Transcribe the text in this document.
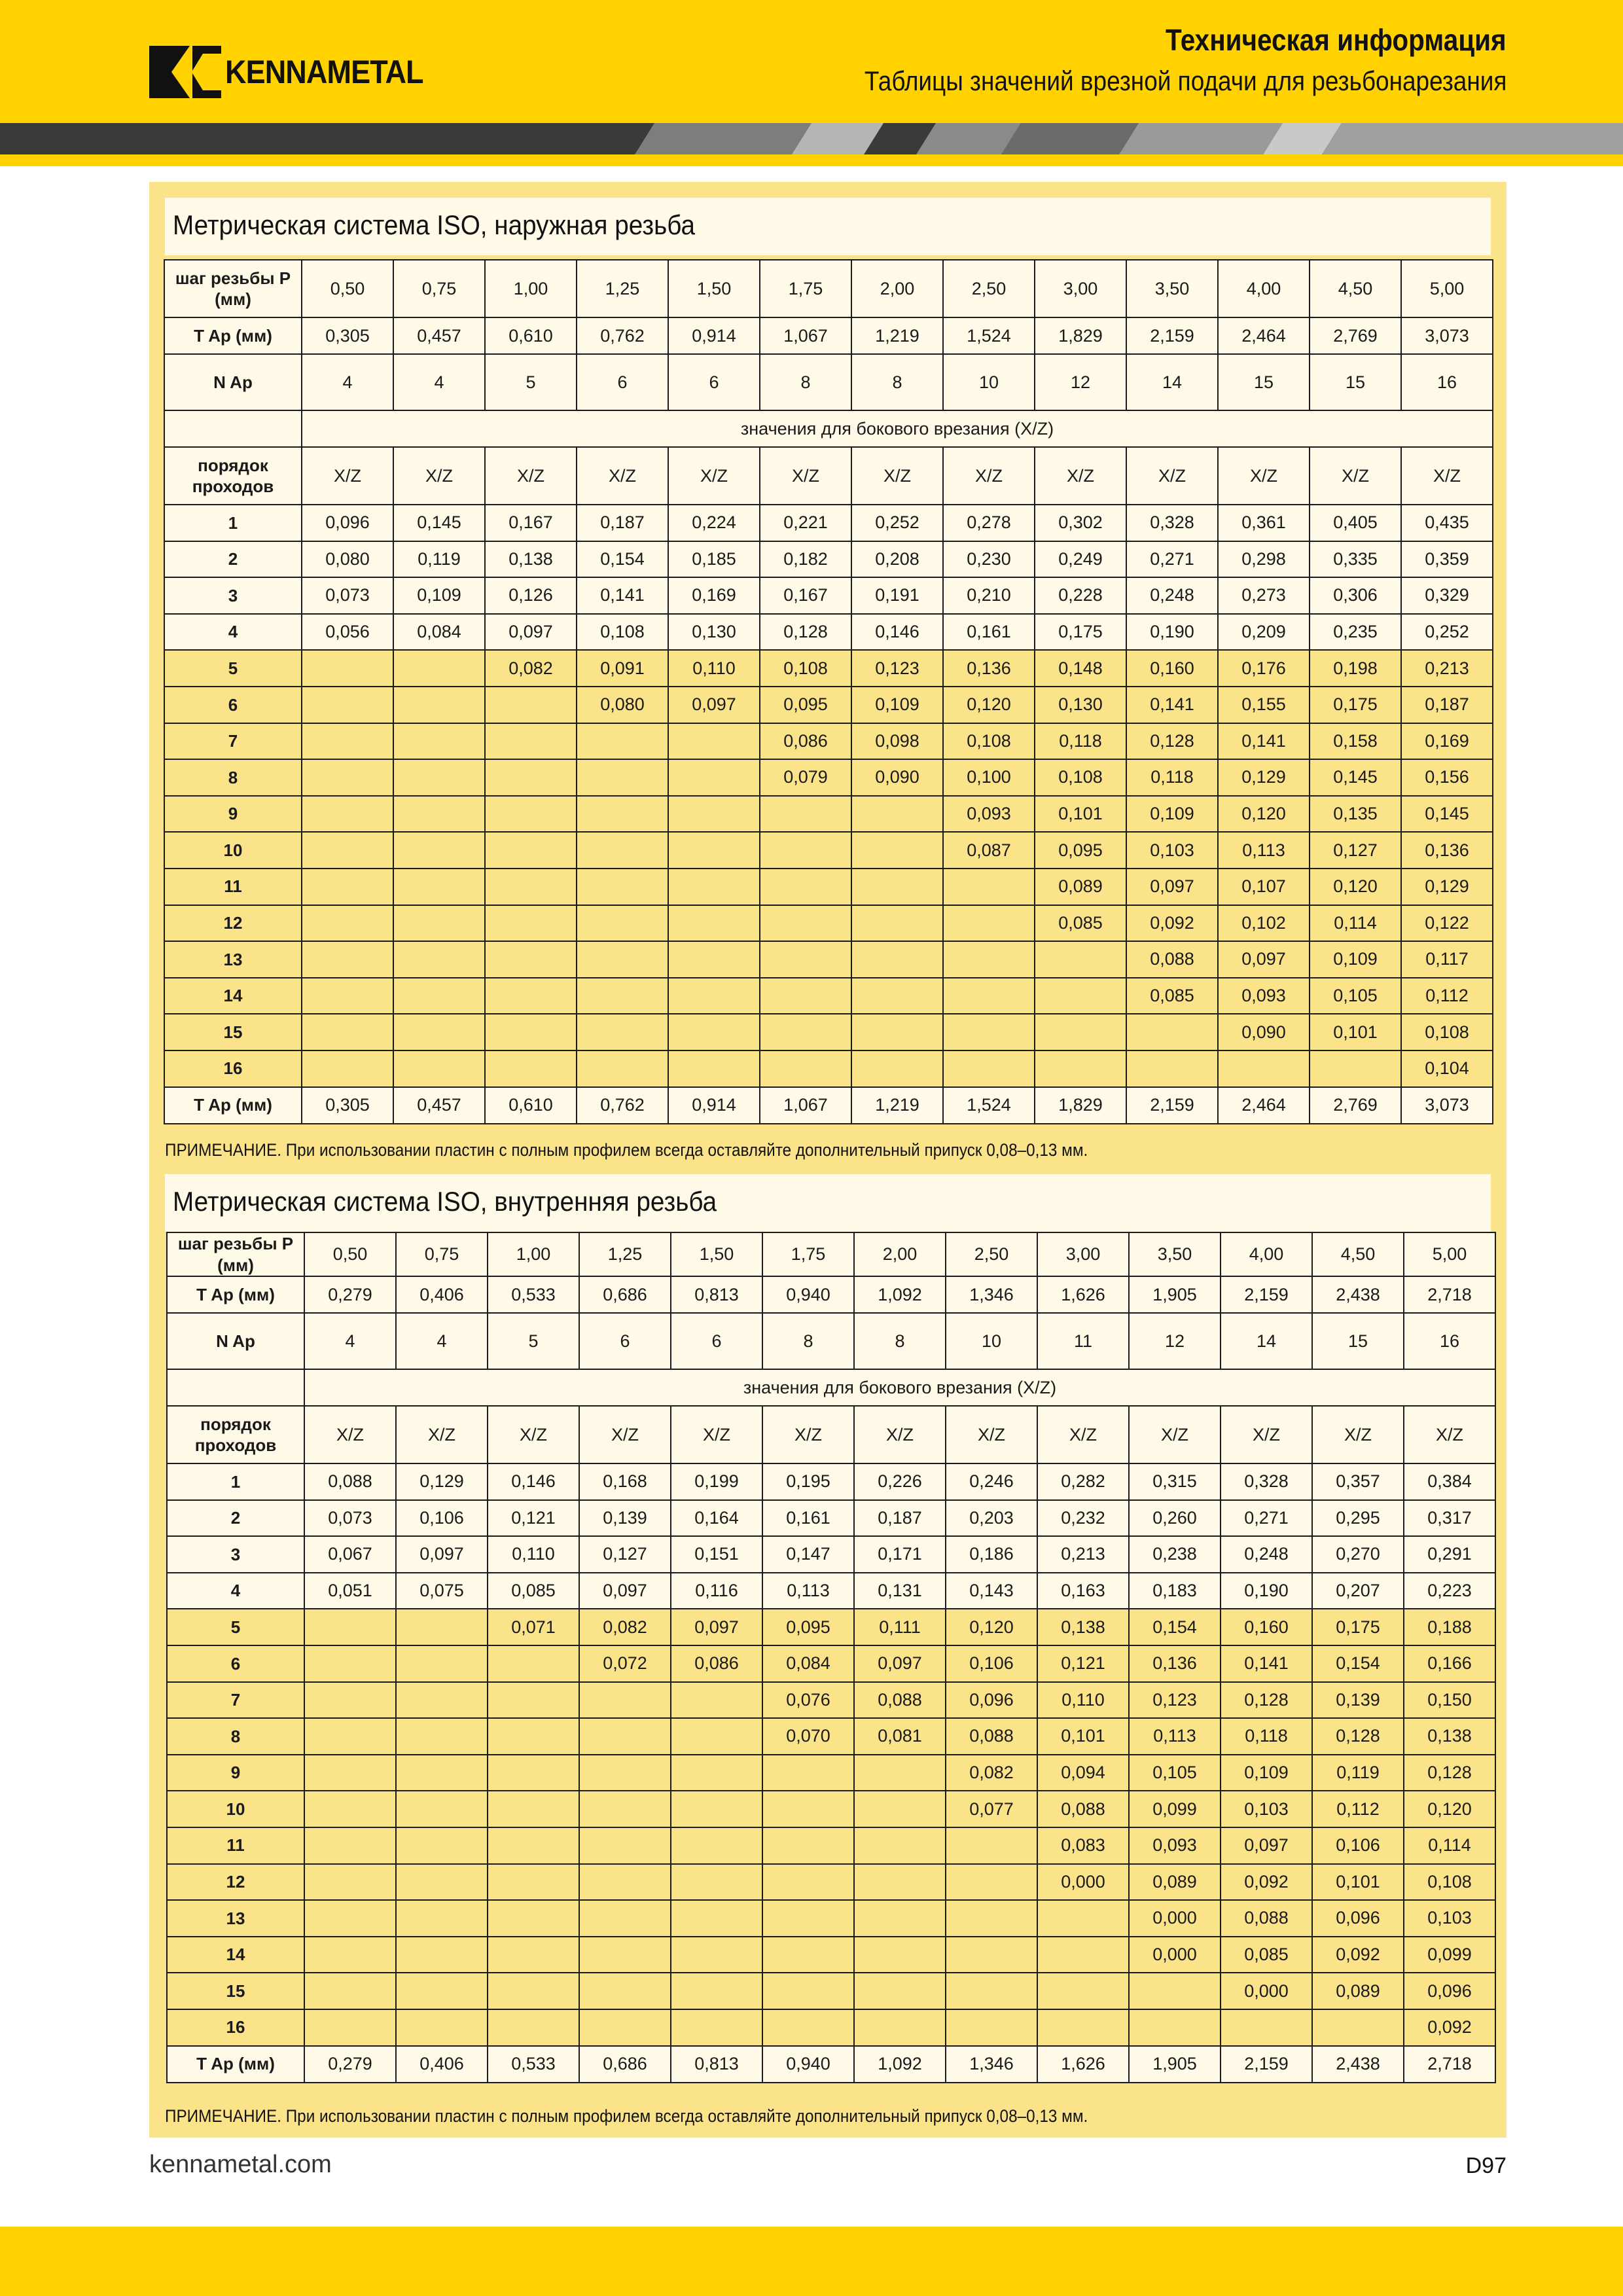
KENNAMETAL
Техническая информация
Таблицы значений врезной подачи для резьбонарезания
Метрическая система ISO, наружная резьба
шаг резьбы P (мм)	0,50	0,75	1,00	1,25	1,50	1,75	2,00	2,50	3,00	3,50	4,00	4,50	5,00
T Ap (мм)	0,305	0,457	0,610	0,762	0,914	1,067	1,219	1,524	1,829	2,159	2,464	2,769	3,073
N Ap	4	4	5	6	6	8	8	10	12	14	15	15	16
	значения для бокового врезания (X/Z)												
порядок проходов	X/Z	X/Z	X/Z	X/Z	X/Z	X/Z	X/Z	X/Z	X/Z	X/Z	X/Z	X/Z	X/Z
1	0,096	0,145	0,167	0,187	0,224	0,221	0,252	0,278	0,302	0,328	0,361	0,405	0,435
2	0,080	0,119	0,138	0,154	0,185	0,182	0,208	0,230	0,249	0,271	0,298	0,335	0,359
3	0,073	0,109	0,126	0,141	0,169	0,167	0,191	0,210	0,228	0,248	0,273	0,306	0,329
4	0,056	0,084	0,097	0,108	0,130	0,128	0,146	0,161	0,175	0,190	0,209	0,235	0,252
5			0,082	0,091	0,110	0,108	0,123	0,136	0,148	0,160	0,176	0,198	0,213
6				0,080	0,097	0,095	0,109	0,120	0,130	0,141	0,155	0,175	0,187
7						0,086	0,098	0,108	0,118	0,128	0,141	0,158	0,169
8						0,079	0,090	0,100	0,108	0,118	0,129	0,145	0,156
9								0,093	0,101	0,109	0,120	0,135	0,145
10								0,087	0,095	0,103	0,113	0,127	0,136
11									0,089	0,097	0,107	0,120	0,129
12									0,085	0,092	0,102	0,114	0,122
13										0,088	0,097	0,109	0,117
14										0,085	0,093	0,105	0,112
15											0,090	0,101	0,108
16													0,104
T Ap (мм)	0,305	0,457	0,610	0,762	0,914	1,067	1,219	1,524	1,829	2,159	2,464	2,769	3,073
ПРИМЕЧАНИЕ. При использовании пластин с полным профилем всегда оставляйте дополнительный припуск 0,08–0,13 мм.
Метрическая система ISO, внутренняя резьба
шаг резьбы P (мм)	0,50	0,75	1,00	1,25	1,50	1,75	2,00	2,50	3,00	3,50	4,00	4,50	5,00
T Ap (мм)	0,279	0,406	0,533	0,686	0,813	0,940	1,092	1,346	1,626	1,905	2,159	2,438	2,718
N Ap	4	4	5	6	6	8	8	10	11	12	14	15	16
	значения для бокового врезания (X/Z)												
порядок проходов	X/Z	X/Z	X/Z	X/Z	X/Z	X/Z	X/Z	X/Z	X/Z	X/Z	X/Z	X/Z	X/Z
1	0,088	0,129	0,146	0,168	0,199	0,195	0,226	0,246	0,282	0,315	0,328	0,357	0,384
2	0,073	0,106	0,121	0,139	0,164	0,161	0,187	0,203	0,232	0,260	0,271	0,295	0,317
3	0,067	0,097	0,110	0,127	0,151	0,147	0,171	0,186	0,213	0,238	0,248	0,270	0,291
4	0,051	0,075	0,085	0,097	0,116	0,113	0,131	0,143	0,163	0,183	0,190	0,207	0,223
5			0,071	0,082	0,097	0,095	0,111	0,120	0,138	0,154	0,160	0,175	0,188
6				0,072	0,086	0,084	0,097	0,106	0,121	0,136	0,141	0,154	0,166
7						0,076	0,088	0,096	0,110	0,123	0,128	0,139	0,150
8						0,070	0,081	0,088	0,101	0,113	0,118	0,128	0,138
9								0,082	0,094	0,105	0,109	0,119	0,128
10								0,077	0,088	0,099	0,103	0,112	0,120
11									0,083	0,093	0,097	0,106	0,114
12									0,000	0,089	0,092	0,101	0,108
13										0,000	0,088	0,096	0,103
14										0,000	0,085	0,092	0,099
15											0,000	0,089	0,096
16													0,092
T Ap (мм)	0,279	0,406	0,533	0,686	0,813	0,940	1,092	1,346	1,626	1,905	2,159	2,438	2,718
ПРИМЕЧАНИЕ. При использовании пластин с полным профилем всегда оставляйте дополнительный припуск 0,08–0,13 мм.
kennametal.com	D97
